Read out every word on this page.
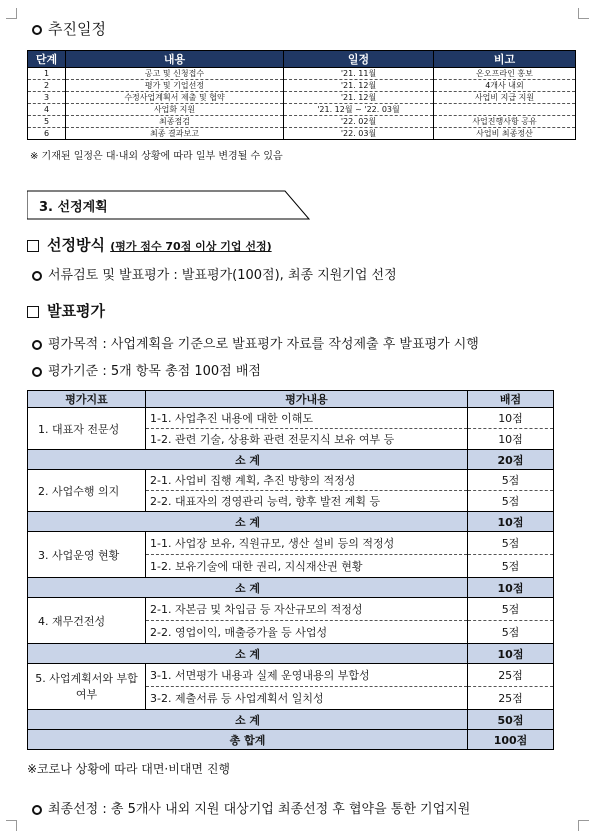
추진일정
단계	내용	일정	비고
1	공고 및 신청접수	'21. 11월	온오프라인 홍보
2	평가 및 기업선정	'21. 12월	4개사 내외
3	수정사업계획서 제출 및 협약	'21. 12월	사업비 지급 지원
4	사업화 지원	'21. 12월 ~ '22. 03월	
5	최종점검	'22. 02월	사업진행사항 공유
6	최종 결과보고	'22. 03월	사업비 최종정산
※ 기재된 일정은 대·내외 상황에 따라 일부 변경될 수 있음
3. 선정계획
선정방식 (평가 점수 70점 이상 기업 선정)
서류검토 및 발표평가 : 발표평가(100점), 최종 지원기업 선정
발표평가
평가목적 : 사업계획을 기준으로 발표평가 자료를 작성제출 후 발표평가 시행
평가기준 : 5개 항목 총점 100점 배점
평가지표	평가내용	배점
1. 대표자 전문성	1-1. 사업추진 내용에 대한 이해도	10점
	1-2. 관련 기술, 상용화 관련 전문지식 보유 여부 등	10점
소 계		20점
2. 사업수행 의지	2-1. 사업비 집행 계획, 추진 방향의 적정성	5점
	2-2. 대표자의 경영관리 능력, 향후 발전 계획 등	5점
소 계		10점
3. 사업운영 현황	1-1. 사업장 보유, 직원규모, 생산 설비 등의 적정성	5점
	1-2. 보유기술에 대한 권리, 지식재산권 현황	5점
소 계		10점
4. 재무건전성	2-1. 자본금 및 차입금 등 자산규모의 적정성	5점
	2-2. 영업이익, 매출증가율 등 사업성	5점
소 계		10점
5. 사업계획서와 부합여부	3-1. 서면평가 내용과 실제 운영내용의 부합성	25점
	3-2. 제출서류 등 사업계획서 일치성	25점
소 계		50점
총 합계		100점
※코로나 상황에 따라 대면·비대면 진행
최종선정 : 총 5개사 내외 지원 대상기업 최종선정 후 협약을 통한 기업지원
